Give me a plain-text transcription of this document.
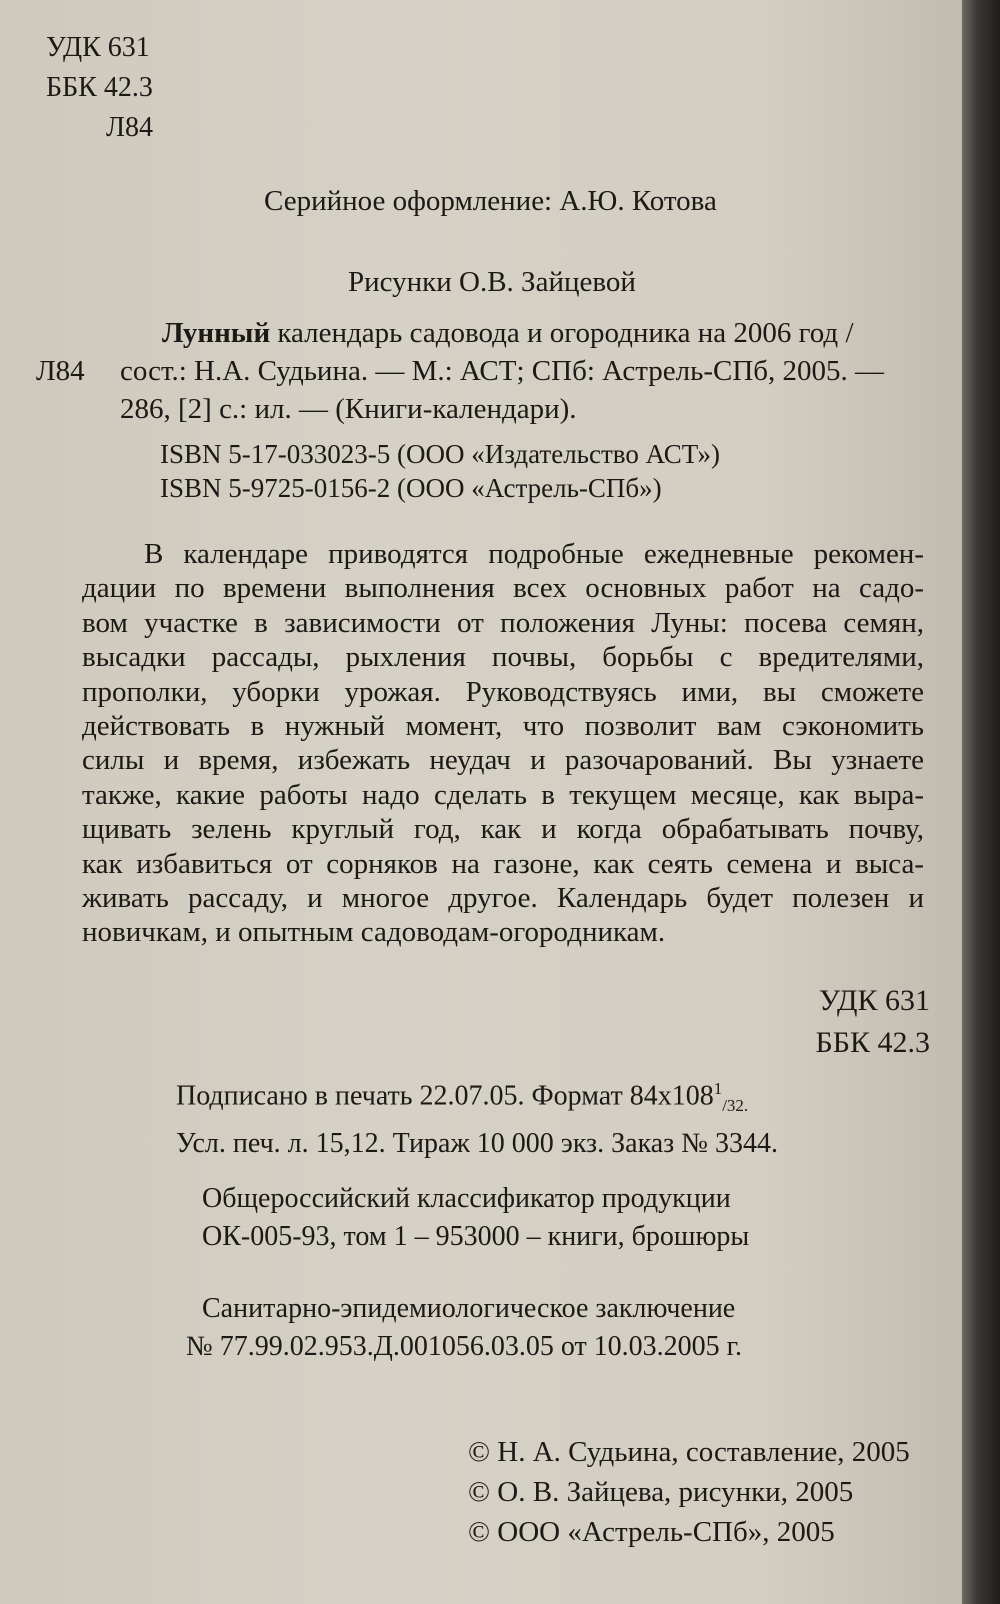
УДК 631
ББК 42.3
Л84
Серийное оформление: А.Ю. Котова
Рисунки О.В. Зайцевой
Л84
Лунный календарь садовода и огородника на 2006 год /
сост.: Н.А. Судьина. — М.: АСТ; СПб: Астрель-СПб, 2005. —
286, [2] с.: ил. — (Книги-календари).
ISBN 5-17-033023-5 (ООО «Издательство АСТ»)
ISBN 5-9725-0156-2 (ООО «Астрель-СПб»)
В календаре приводятся подробные ежедневные рекомен-
дации по времени выполнения всех основных работ на садо-
вом участке в зависимости от положения Луны: посева семян,
высадки рассады, рыхления почвы, борьбы с вредителями,
прополки, уборки урожая. Руководствуясь ими, вы сможете
действовать в нужный момент, что позволит вам сэкономить
силы и время, избежать неудач и разочарований. Вы узнаете
также, какие работы надо сделать в текущем месяце, как выра-
щивать зелень круглый год, как и когда обрабатывать почву,
как избавиться от сорняков на газоне, как сеять семена и выса-
живать рассаду, и многое другое. Календарь будет полезен и
новичкам, и опытным садоводам-огородникам.
УДК 631
ББК 42.3
Подписано в печать 22.07.05. Формат $84x108^1_{/32.}$
Усл. печ. л. 15,12. Тираж 10 000 экз. Заказ № 3344.
Общероссийский классификатор продукции
ОК-005-93, том 1 – 953000 – книги, брошюры
Санитарно-эпидемиологическое заключение
№ 77.99.02.953.Д.001056.03.05 от 10.03.2005 г.
© Н. А. Судьина, составление, 2005
© О. В. Зайцева, рисунки, 2005
© ООО «Астрель-СПб», 2005
